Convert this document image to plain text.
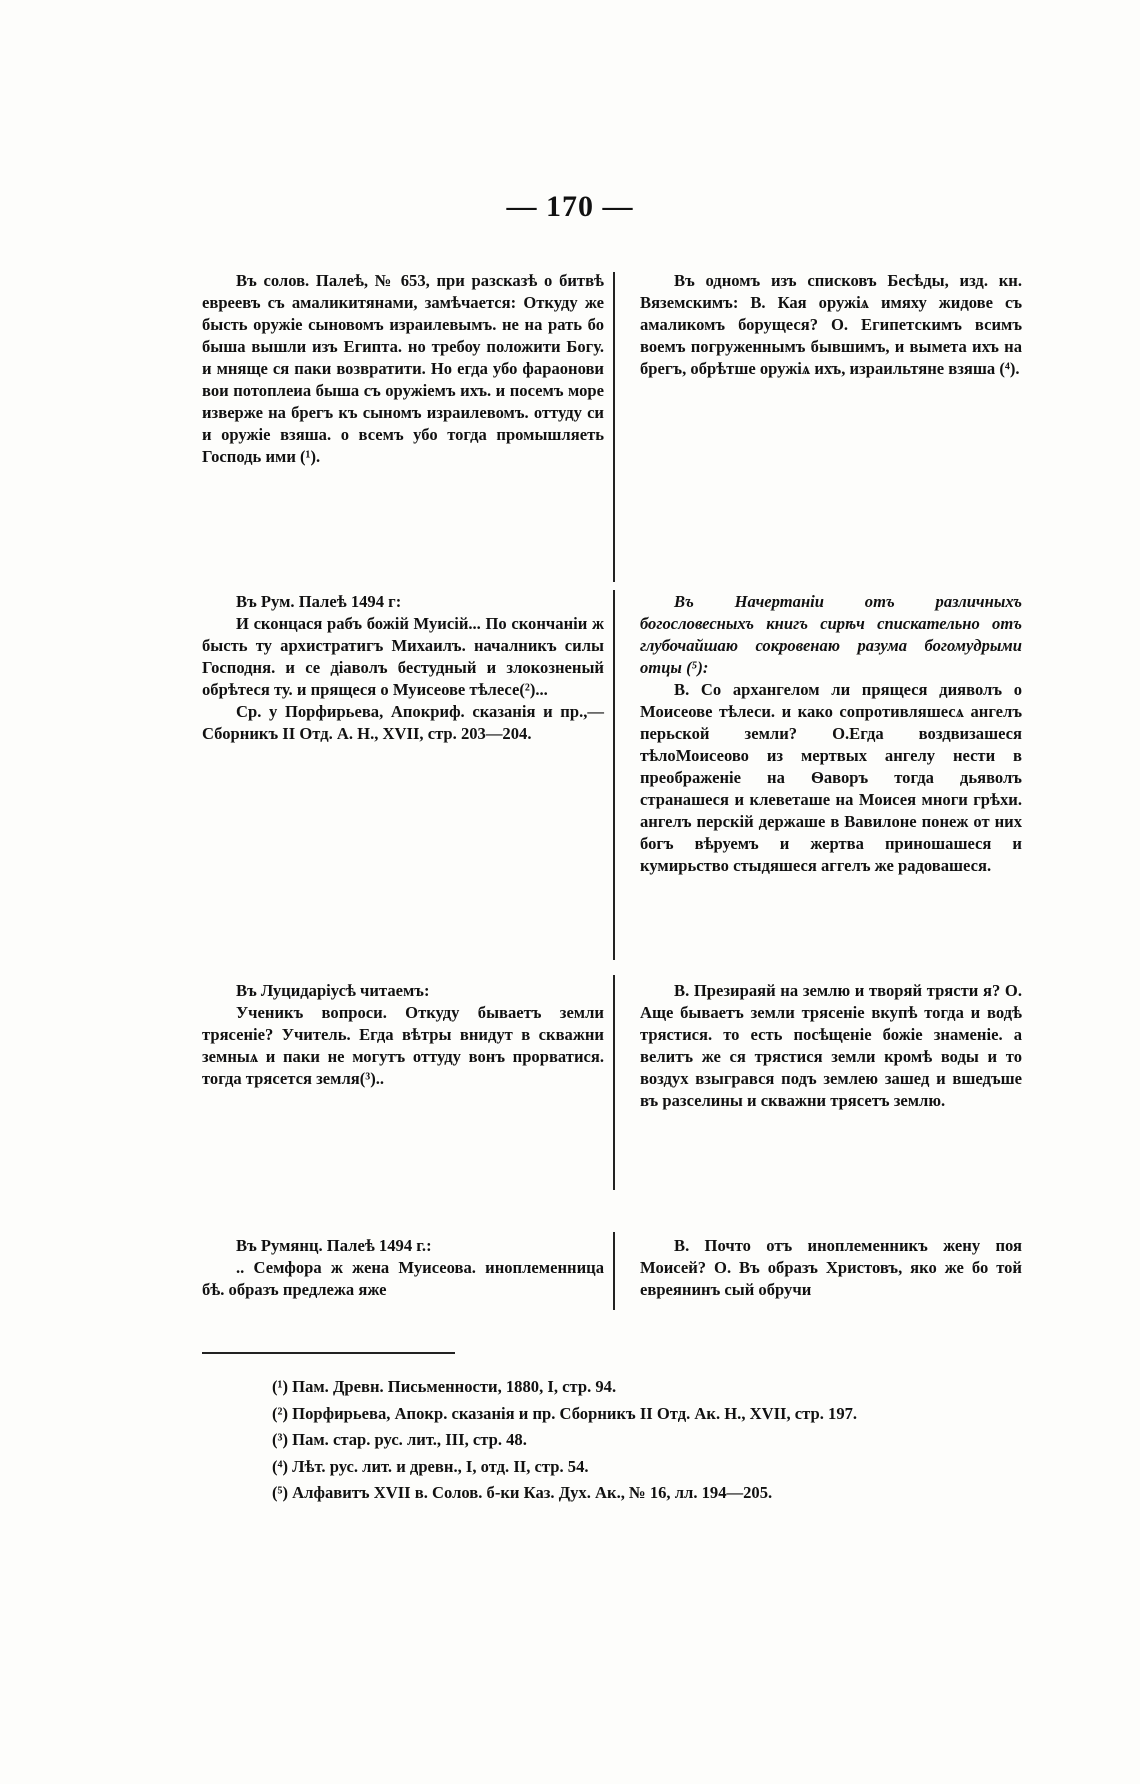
— 170 —

Въ солов. Палеѣ, № 653, при разсказѣ о битвѣ евреевъ съ амаликитянами, замѣчается: Откуду же бысть оружіе сыновомъ израилевымъ. не на рать бо быша вышли изъ Египта. но требоу положити Богу. и мняще ся паки возвратити. Но егда убо фараонови вои потоплеиа быша съ оружіемъ ихъ. и посемъ море изверже на брегъ къ сыномъ израилевомъ. оттуду си и оружіе взяша. о всемъ убо тогда промышляеть Господь ими (¹).

Въ Рум. Палеѣ 1494 г:

И сконцася рабъ божій Муисій... По скончаніи ж бысть ту архистратигъ Михаилъ. началникъ силы Господня. и се діаволъ бестудный и злокозненый обрѣтеся ту. и прящеся о Муисеове тѣлесе(²)...

Ср. у Порфирьева, Апокриф. сказанія и пр.,—Сборникъ II Отд. А. Н., XVII, стр. 203—204.

Въ Луцидаріусѣ читаемъ:

Ученикъ вопроси. Откуду бываетъ земли трясеніе? Учитель. Егда вѣтры внидут в скважни земныѧ и паки не могутъ оттуду вонъ прорватися. тогда трясется земля(³)..

Въ Румянц. Палеѣ 1494 г.:

.. Семфора ж жена Муисеова. иноплеменница бѣ. образъ предлежа яже

Въ одномъ изъ списковъ Бесѣды, изд. кн. Вяземскимъ: В. Кая оружіѧ имяху жидове съ амаликомъ борущеся? О. Египетскимъ всимъ воемъ погруженнымъ бывшимъ, и вымета ихъ на брегъ, обрѣтше оружіѧ ихъ, израильтяне взяша (⁴).

Въ Начертаніи отъ различныхъ богословесныхъ книгъ сирѣч спискательно отъ глубочайшаю сокровенаю разума богомудрыми отцы (⁵):

В. Со архангелом ли прящеся дияволъ о Моисеове тѣлеси. и како сопротивляшесѧ ангелъ перьской земли? О.Егда воздвизашеся тѣлоМоисеово из мертвых ангелу нести в преображеніе на Ѳаворъ тогда дьяволъ странашеся и клеветаше на Моисея многи грѣхи. ангелъ перскій держаше в Вавилоне понеж от них богъ вѣруемъ и жертва приношашеся и кумирьство стыдяшеся аггелъ же радовашеся.

В. Презираяй на землю и творяй трясти я? О. Аще бываетъ земли трясеніе вкупѣ тогда и водѣ трястися. то есть посѣщеніе божіе знаменіе. а велитъ же ся трястися земли кромѣ воды и то воздух взыгрався подъ землею зашед и вшедъше въ разселины и скважни трясетъ землю.

В. Почто отъ иноплеменникъ жену поя Моисей? О. Въ образъ Христовъ, яко же бо той евреянинъ сый обручи

(¹) Пам. Древн. Письменности, 1880, I, стр. 94.

(²) Порфирьева, Апокр. сказанія и пр. Сборникъ II Отд. Ак. Н., XVII, стр. 197.

(³) Пам. стар. рус. лит., III, стр. 48.

(⁴) Лѣт. рус. лит. и древн., I, отд. II, стр. 54.

(⁵) Алфавитъ XVII в. Солов. б-ки Каз. Дух. Ак., № 16, лл. 194—205.
